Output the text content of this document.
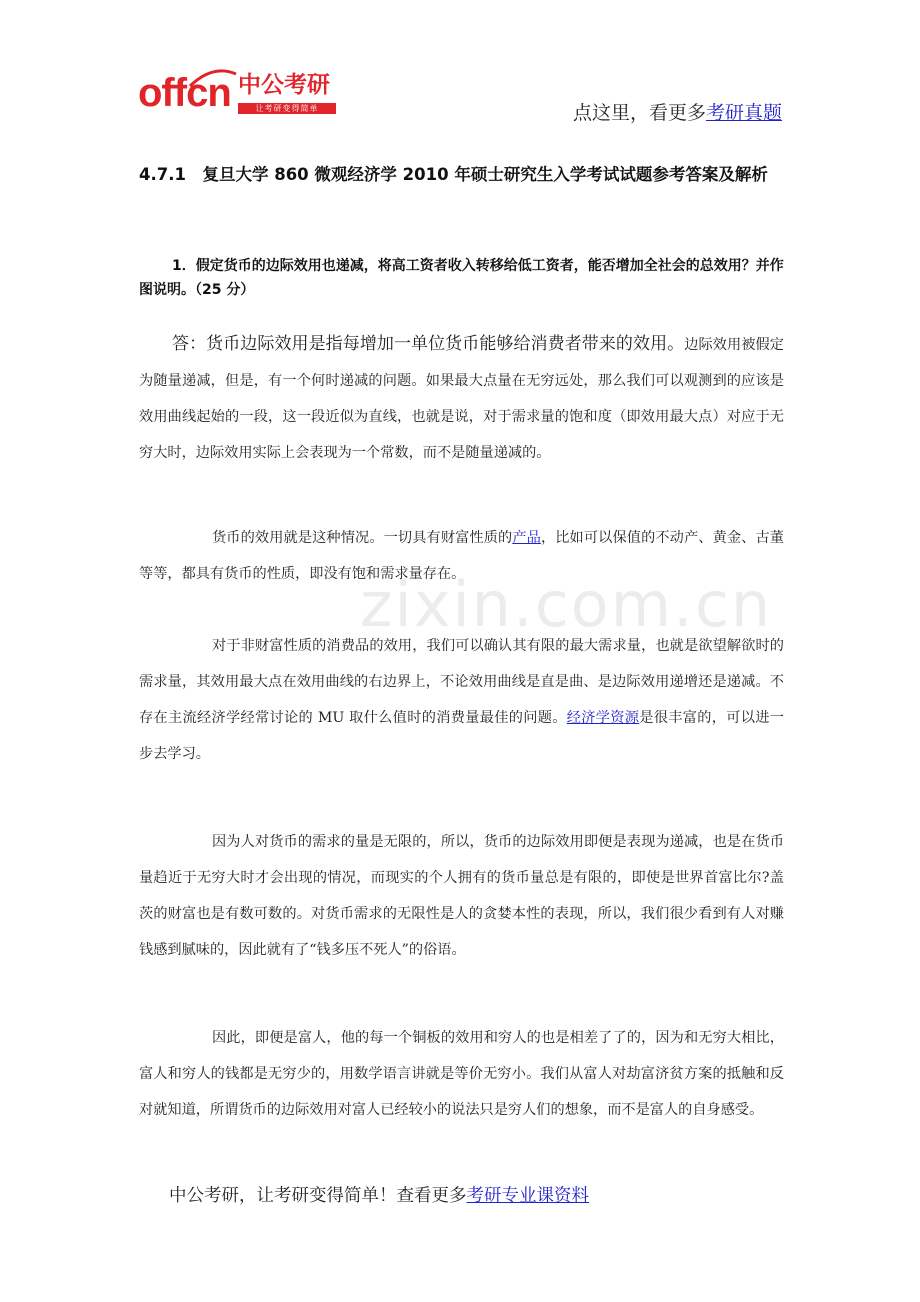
offcn 中公考研
让考研变得简单	点这里，看更多考研真题
zixin.com.cn
4.7.1　复旦大学 860 微观经济学 2010 年硕士研究生入学考试试题参考答案及解析
1．假定货币的边际效用也递减，将高工资者收入转移给低工资者，能否增加全社会的总效用？并作图说明。（25 分）
答：货币边际效用是指每增加一单位货币能够给消费者带来的效用。边际效用被假定为随量递减，但是，有一个何时递减的问题。如果最大点量在无穷远处，那么我们可以观测到的应该是效用曲线起始的一段，这一段近似为直线，也就是说，对于需求量的饱和度（即效用最大点）对应于无穷大时，边际效用实际上会表现为一个常数，而不是随量递减的。
货币的效用就是这种情况。一切具有财富性质的产品，比如可以保值的不动产、黄金、古董等等，都具有货币的性质，即没有饱和需求量存在。
对于非财富性质的消费品的效用，我们可以确认其有限的最大需求量，也就是欲望解欲时的需求量，其效用最大点在效用曲线的右边界上，不论效用曲线是直是曲、是边际效用递增还是递减。不存在主流经济学经常讨论的 MU 取什么值时的消费量最佳的问题。经济学资源是很丰富的，可以进一步去学习。
因为人对货币的需求的量是无限的，所以，货币的边际效用即便是表现为递减，也是在货币量趋近于无穷大时才会出现的情况，而现实的个人拥有的货币量总是有限的，即使是世界首富比尔?盖茨的财富也是有数可数的。对货币需求的无限性是人的贪婪本性的表现，所以，我们很少看到有人对赚钱感到腻味的，因此就有了“钱多压不死人”的俗语。
因此，即便是富人，他的每一个铜板的效用和穷人的也是相差了了的，因为和无穷大相比，富人和穷人的钱都是无穷少的，用数学语言讲就是等价无穷小。我们从富人对劫富济贫方案的抵触和反对就知道，所谓货币的边际效用对富人已经较小的说法只是穷人们的想象，而不是富人的自身感受。
中公考研，让考研变得简单！查看更多考研专业课资料
